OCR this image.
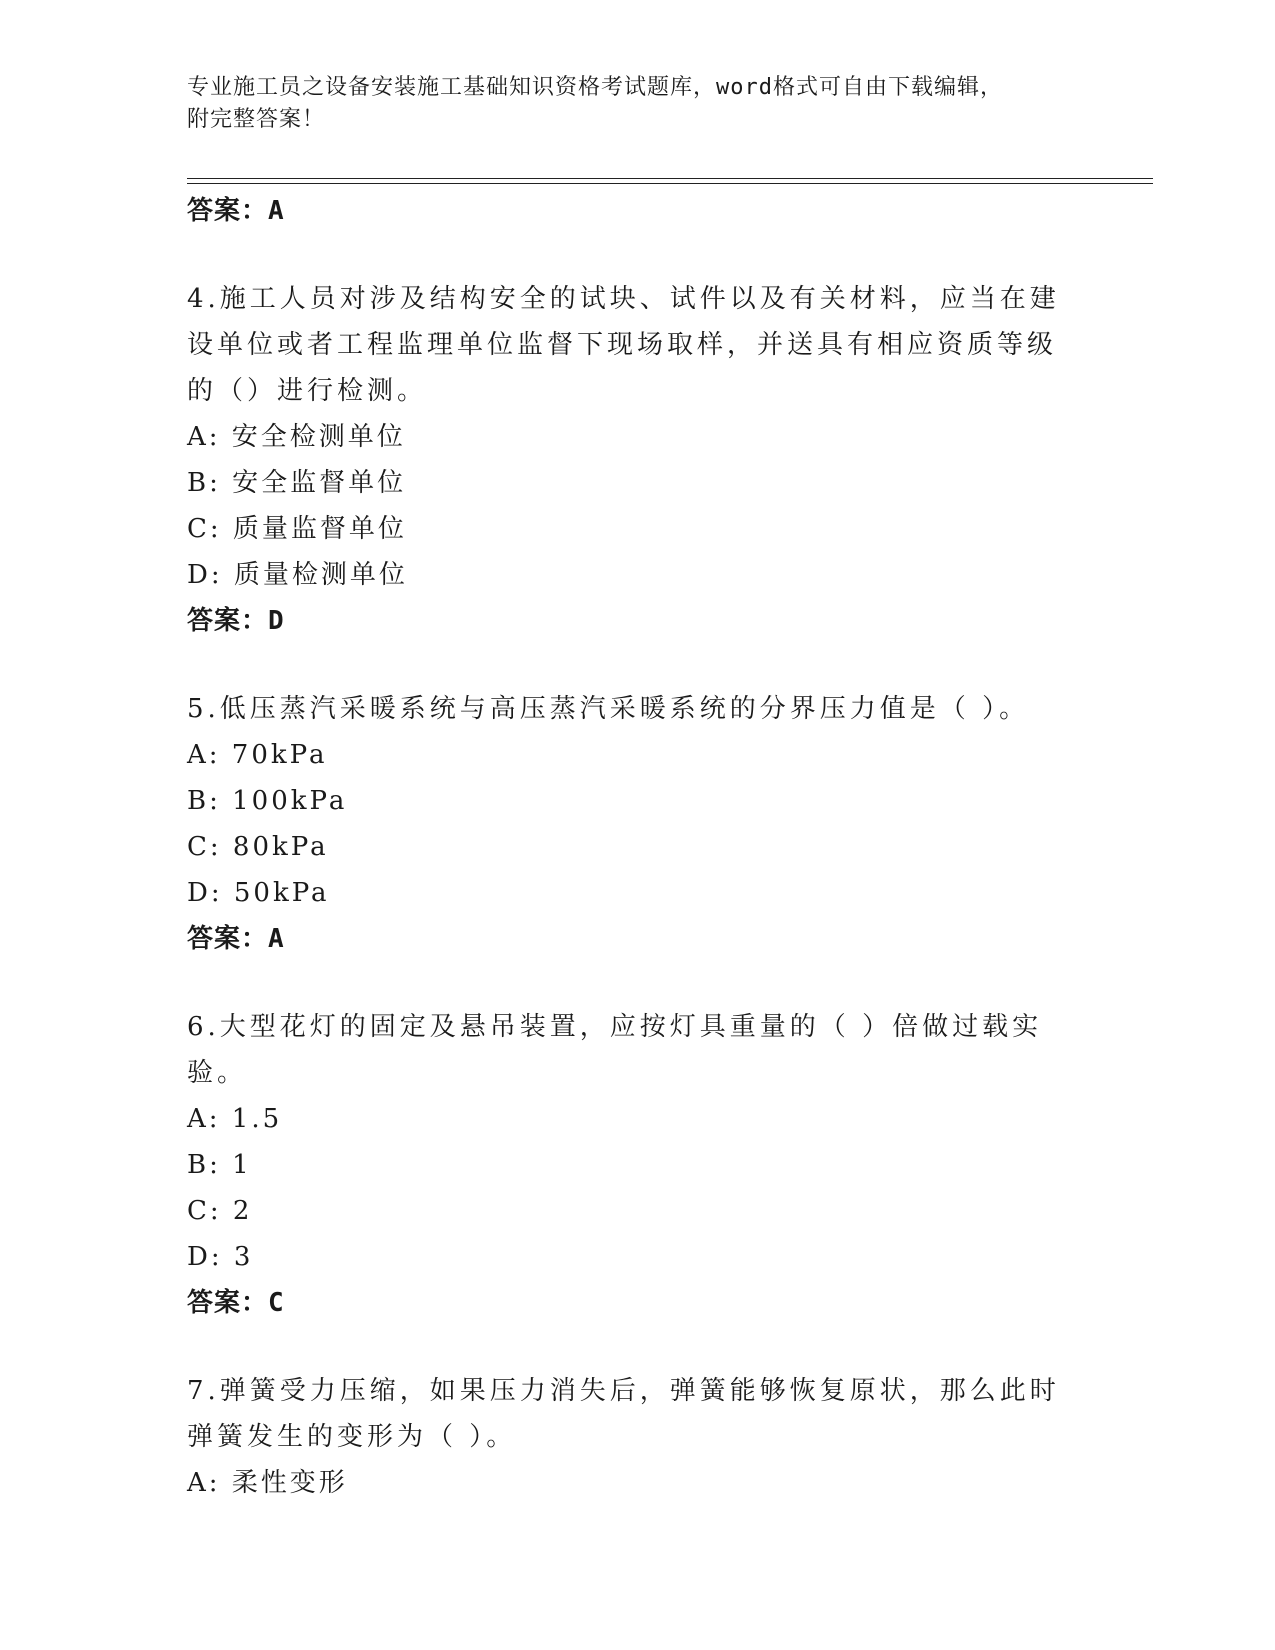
专业施工员之设备安装施工基础知识资格考试题库，word格式可自由下载编辑，
附完整答案！
答案：A
4.施工人员对涉及结构安全的试块、试件以及有关材料，应当在建设单位或者工程监理单位监督下现场取样，并送具有相应资质等级的（）进行检测。
A: 安全检测单位
B: 安全监督单位
C: 质量监督单位
D: 质量检测单位
答案：D
5.低压蒸汽采暖系统与高压蒸汽采暖系统的分界压力值是（ ）。
A: 70kPa
B: 100kPa
C: 80kPa
D: 50kPa
答案：A
6.大型花灯的固定及悬吊装置，应按灯具重量的（ ）倍做过载实验。
A: 1.5
B: 1
C: 2
D: 3
答案：C
7.弹簧受力压缩，如果压力消失后，弹簧能够恢复原状，那么此时弹簧发生的变形为（ ）。
A: 柔性变形
